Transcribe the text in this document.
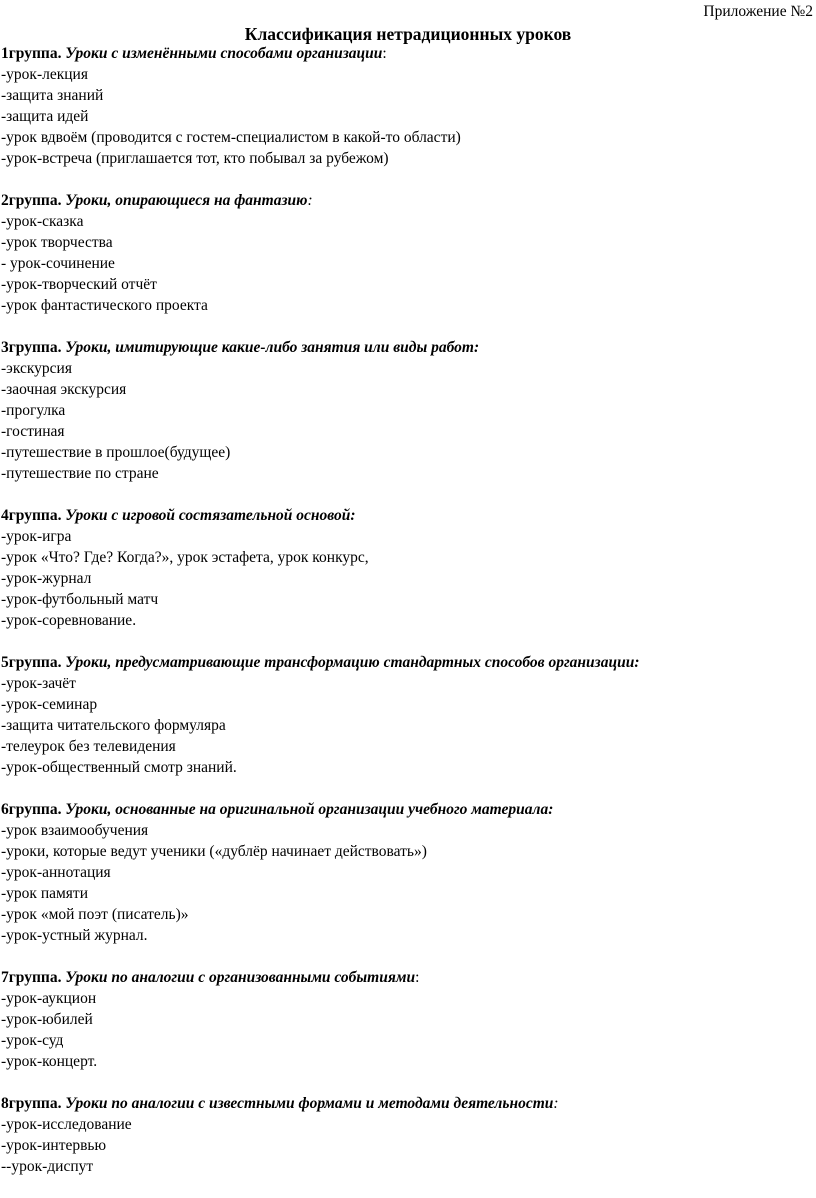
Приложение №2
Классификация нетрадиционных уроков
1группа. Уроки с изменёнными способами организации:
-урок-лекция
-защита знаний
-защита идей
-урок вдвоём (проводится с гостем-специалистом в какой-то области)
-урок-встреча (приглашается тот, кто побывал за рубежом)
2группа. Уроки, опирающиеся на фантазию:
-урок-сказка
-урок творчества
- урок-сочинение
-урок-творческий отчёт
-урок фантастического проекта
3группа. Уроки, имитирующие какие-либо занятия или виды работ:
-экскурсия
-заочная экскурсия
-прогулка
-гостиная
-путешествие в прошлое(будущее)
-путешествие по стране
4группа. Уроки с игровой состязательной основой:
-урок-игра
-урок «Что? Где? Когда?», урок эстафета, урок конкурс,
-урок-журнал
-урок-футбольный матч
-урок-соревнование.
5группа. Уроки, предусматривающие трансформацию стандартных способов организации:
-урок-зачёт
-урок-семинар
-защита читательского формуляра
-телеурок без телевидения
-урок-общественный смотр знаний.
6группа. Уроки, основанные на оригинальной организации учебного материала:
-урок взаимообучения
-уроки, которые ведут ученики («дублёр начинает действовать»)
-урок-аннотация
-урок памяти
-урок «мой поэт (писатель)»
-урок-устный журнал.
7группа. Уроки по аналогии с организованными событиями:
-урок-аукцион
-урок-юбилей
-урок-суд
-урок-концерт.
8группа. Уроки по аналогии с известными формами и методами деятельности:
-урок-исследование
-урок-интервью
--урок-диспут
